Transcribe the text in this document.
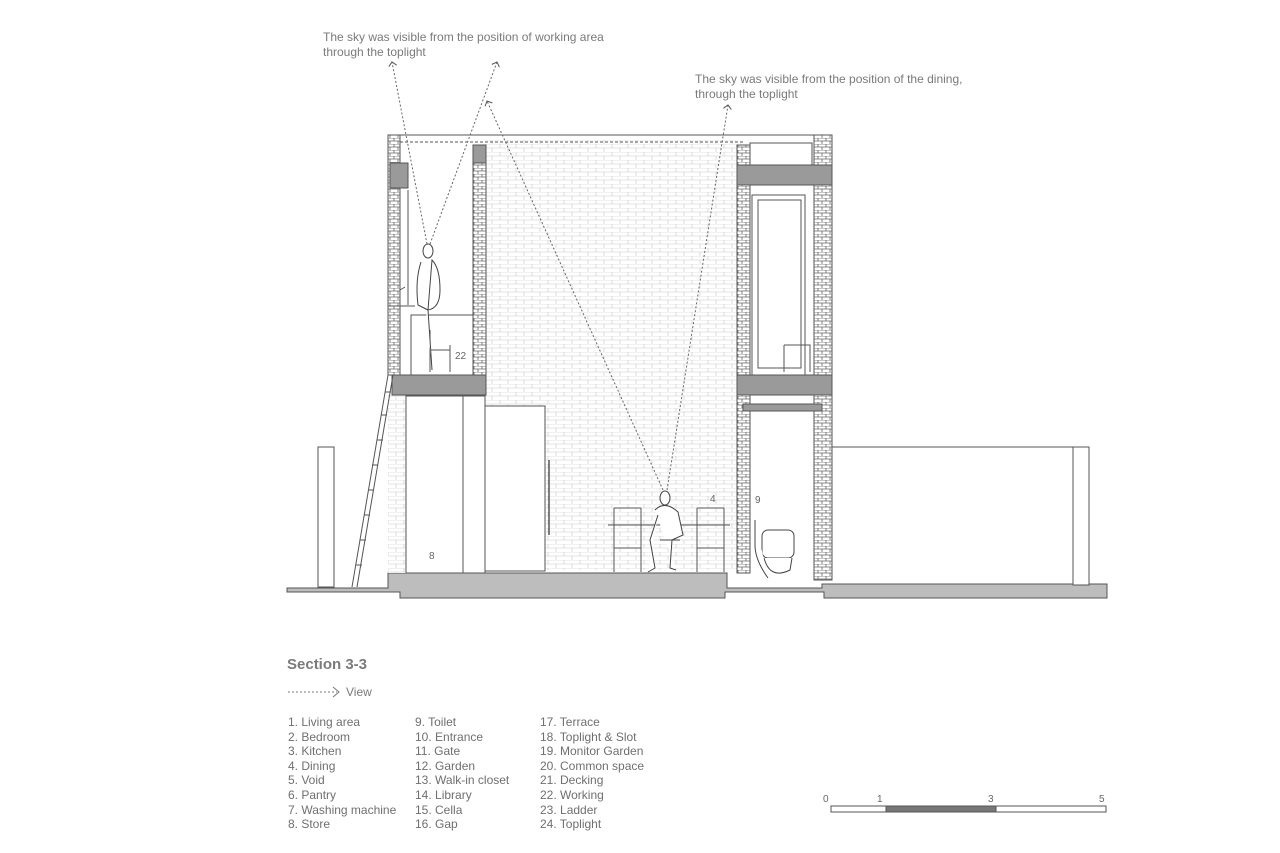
The sky was visible from the position of working area
through the toplight
The sky was visible from the position of the dining,
through the toplight
22
4	9
8
Section 3-3
View
1. Living area
2. Bedroom
3. Kitchen
4. Dining
5. Void
6. Pantry
7. Washing machine
8. Store
9. Toilet
10. Entrance
11. Gate
12. Garden
13. Walk-in closet
14. Library
15. Cella
16. Gap
17. Terrace
18. Toplight & Slot
19. Monitor Garden
20. Common space
21. Decking
22. Working
23. Ladder
24. Toplight
0	1	3	5
